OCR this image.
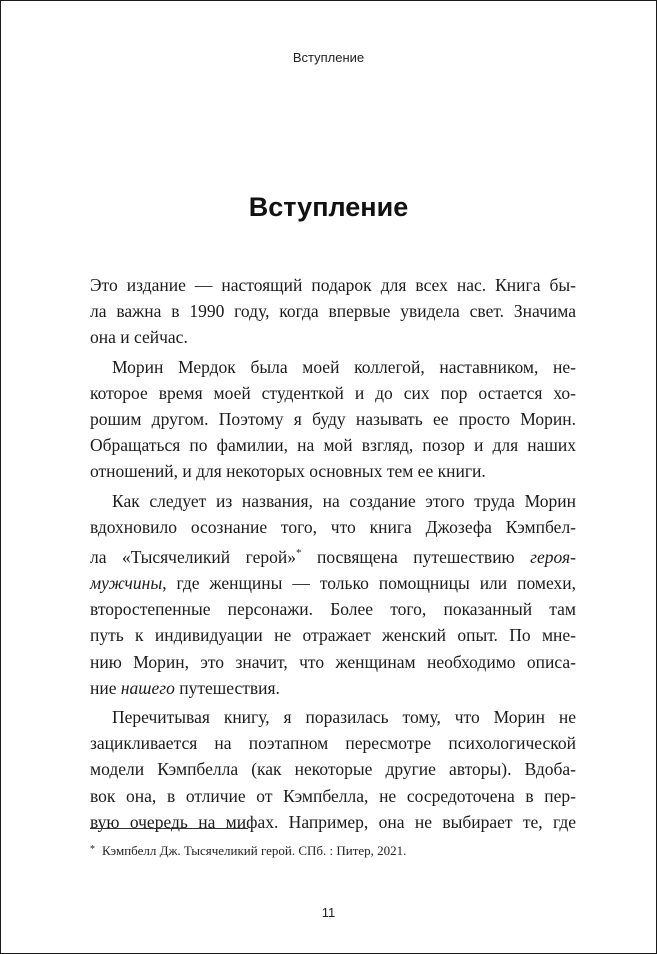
Вступление
Вступление

Это издание — настоящий подарок для всех нас. Книга бы-
ла важна в 1990 году, когда впервые увидела свет. Значима
она и сейчас.

Морин Мердок была моей коллегой, наставником, не-
которое время моей студенткой и до сих пор остается хо-
рошим другом. Поэтому я буду называть ее просто Морин.
Обращаться по фамилии, на мой взгляд, позор и для наших
отношений, и для некоторых основных тем ее книги.

Как следует из названия, на создание этого труда Морин
вдохновило осознание того, что книга Джозефа Кэмпбел-
ла «Тысячеликий герой»* посвящена путешествию героя-
мужчины, где женщины — только помощницы или помехи,
второстепенные персонажи. Более того, показанный там
путь к индивидуации не отражает женский опыт. По мне-
нию Морин, это значит, что женщинам необходимо описа-
ние нашего путешествия.

Перечитывая книгу, я поразилась тому, что Морин не
зацикливается на поэтапном пересмотре психологической
модели Кэмпбелла (как некоторые другие авторы). Вдоба-
вок она, в отличие от Кэмпбелла, не сосредоточена в пер-
вую очередь на мифах. Например, она не выбирает те, где

* Кэмпбелл Дж. Тысячеликий герой. СПб. : Питер, 2021.
11
